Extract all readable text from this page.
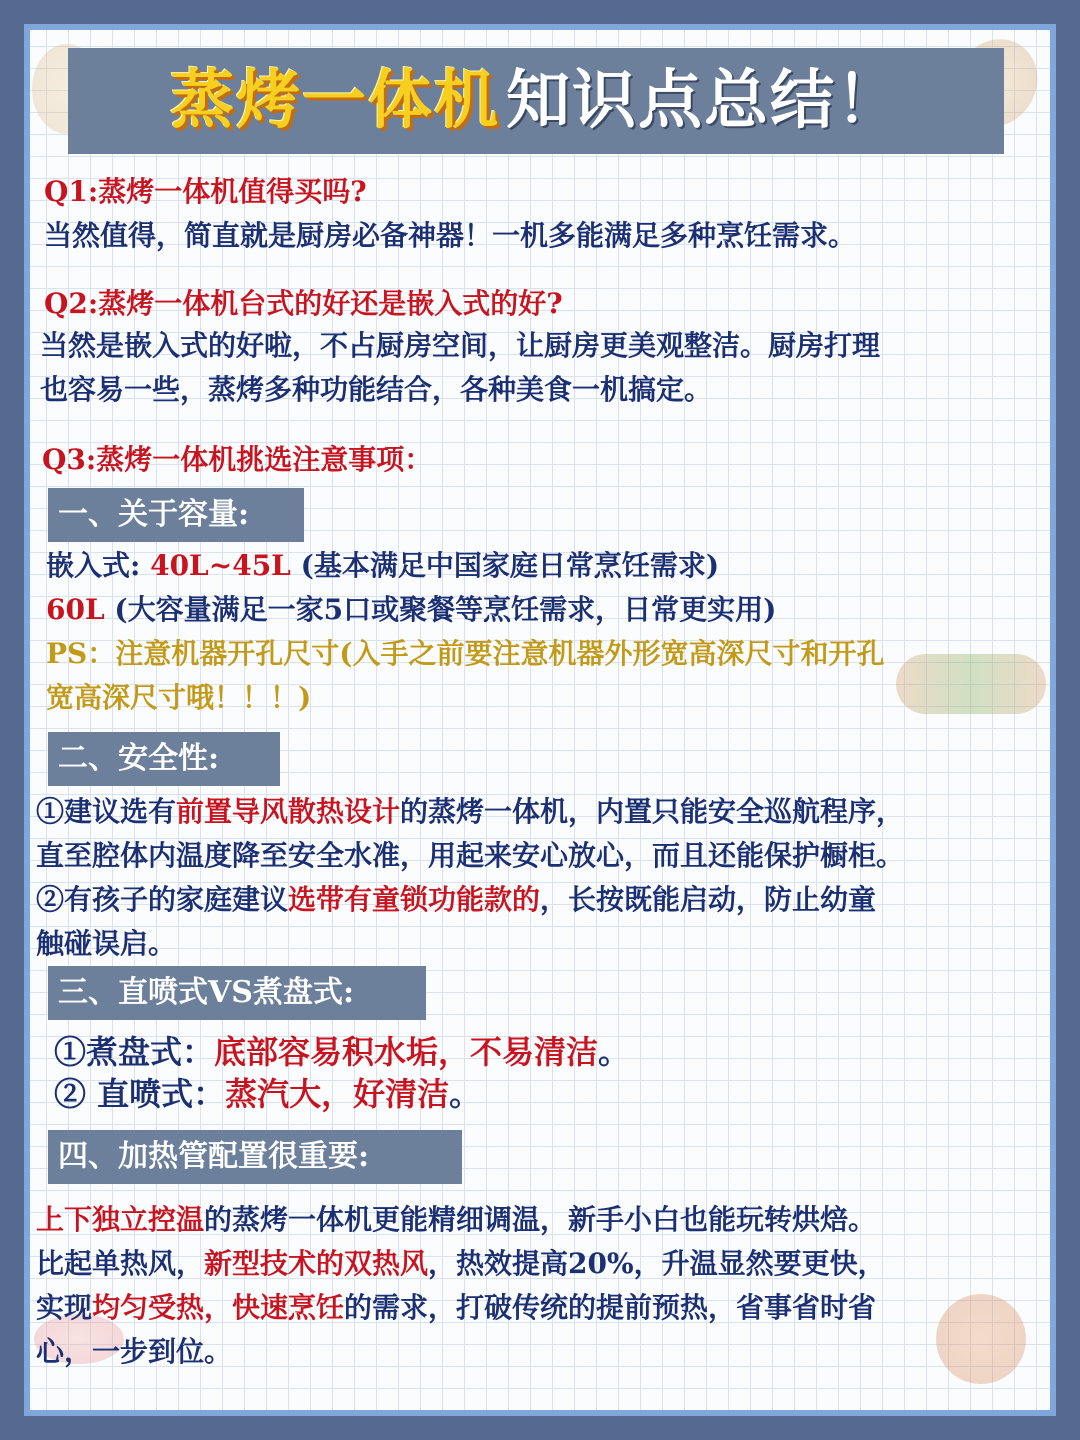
蒸烤一体机 知识点总结！
Q1:蒸烤一体机值得买吗?
当然值得，简直就是厨房必备神器！一机多能满足多种烹饪需求。
Q2:蒸烤一体机台式的好还是嵌入式的好?
当然是嵌入式的好啦，不占厨房空间，让厨房更美观整洁。厨房打理
也容易一些，蒸烤多种功能结合，各种美食一机搞定。
Q3:蒸烤一体机挑选注意事项：
一、关于容量:
嵌入式: 40L~45L (基本满足中国家庭日常烹饪需求)
60L (大容量满足一家5口或聚餐等烹饪需求，日常更实用)
PS：注意机器开孔尺寸(入手之前要注意机器外形宽高深尺寸和开孔
宽高深尺寸哦！！！)
二、安全性:
①建议选有前置导风散热设计的蒸烤一体机，内置只能安全巡航程序，
直至腔体内温度降至安全水准，用起来安心放心，而且还能保护橱柜。
②有孩子的家庭建议选带有童锁功能款的，长按既能启动，防止幼童
触碰误启。
三、直喷式VS煮盘式:
①煮盘式：底部容易积水垢，不易清洁。
② 直喷式：蒸汽大，好清洁。
四、加热管配置很重要:
上下独立控温的蒸烤一体机更能精细调温，新手小白也能玩转烘焙。
比起单热风，新型技术的双热风，热效提高20%，升温显然要更快，
实现均匀受热，快速烹饪的需求，打破传统的提前预热，省事省时省
心，一步到位。
